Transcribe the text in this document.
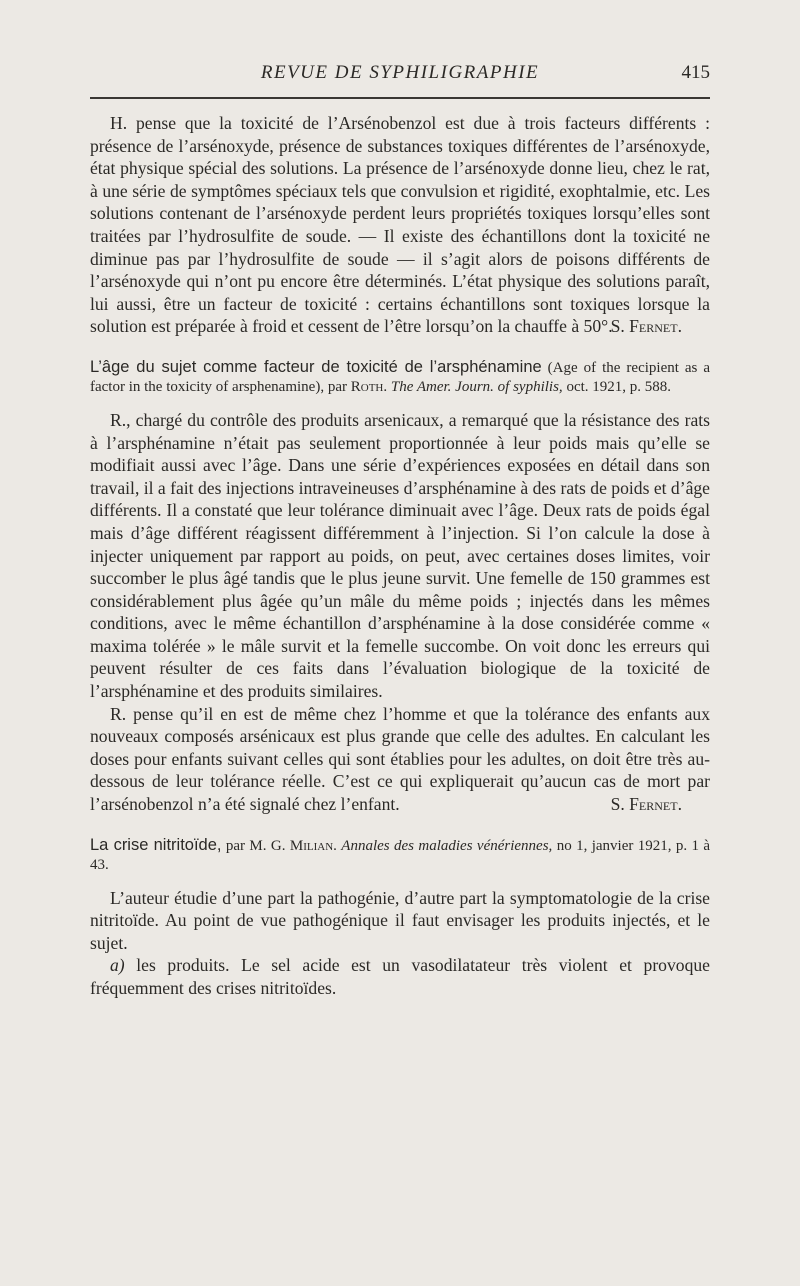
REVUE DE SYPHILIGRAPHIE	415

H. pense que la toxicité de l’Arsénobenzol est due à trois facteurs différents : présence de l’arsénoxyde, présence de substances toxiques différentes de l’arsénoxyde, état physique spécial des solutions. La présence de l’arsénoxyde donne lieu, chez le rat, à une série de symptômes spéciaux tels que convulsion et rigidité, exophtalmie, etc. Les solutions contenant de l’arsénoxyde perdent leurs propriétés toxiques lorsqu’elles sont traitées par l’hydrosulfite de soude. — Il existe des échantillons dont la toxicité ne diminue pas par l’hydrosulfite de soude — il s’agit alors de poisons différents de l’arsénoxyde qui n’ont pu encore être déterminés. L’état physique des solutions paraît, lui aussi, être un facteur de toxicité : certains échantillons sont toxiques lorsque la solution est préparée à froid et cessent de l’être lorsqu’on la chauffe à 50°.

S. Fernet.
L’âge du sujet comme facteur de toxicité de l’arsphénamine (Age of the recipient as a factor in the toxicity of arsphenamine), par Roth. The Amer. Journ. of syphilis, oct. 1921, p. 588.

R., chargé du contrôle des produits arsenicaux, a remarqué que la résistance des rats à l’arsphénamine n’était pas seulement proportionnée à leur poids mais qu’elle se modifiait aussi avec l’âge. Dans une série d’expériences exposées en détail dans son travail, il a fait des injections intraveineuses d’arsphénamine à des rats de poids et d’âge différents. Il a constaté que leur tolérance diminuait avec l’âge. Deux rats de poids égal mais d’âge différent réagissent différemment à l’injection. Si l’on calcule la dose à injecter uniquement par rapport au poids, on peut, avec certaines doses limites, voir succomber le plus âgé tandis que le plus jeune survit. Une femelle de 150 grammes est considérablement plus âgée qu’un mâle du même poids ; injectés dans les mêmes conditions, avec le même échantillon d’arsphénamine à la dose considérée comme « maxima tolérée » le mâle survit et la femelle succombe. On voit donc les erreurs qui peuvent résulter de ces faits dans l’évaluation biologique de la toxicité de l’arsphénamine et des produits similaires.

R. pense qu’il en est de même chez l’homme et que la tolérance des enfants aux nouveaux composés arsénicaux est plus grande que celle des adultes. En calculant les doses pour enfants suivant celles qui sont établies pour les adultes, on doit être très au-dessous de leur tolérance réelle. C’est ce qui expliquerait qu’aucun cas de mort par l’arsénobenzol n’a été signalé chez l’enfant.	S. Fernet.
La crise nitritoïde, par M. G. Milian. Annales des maladies vénériennes, no 1, janvier 1921, p. 1 à 43.

L’auteur étudie d’une part la pathogénie, d’autre part la symptomatologie de la crise nitritoïde. Au point de vue pathogénique il faut envisager les produits injectés, et le sujet.

a) les produits. Le sel acide est un vasodilatateur très violent et provoque fréquemment des crises nitritoïdes.
